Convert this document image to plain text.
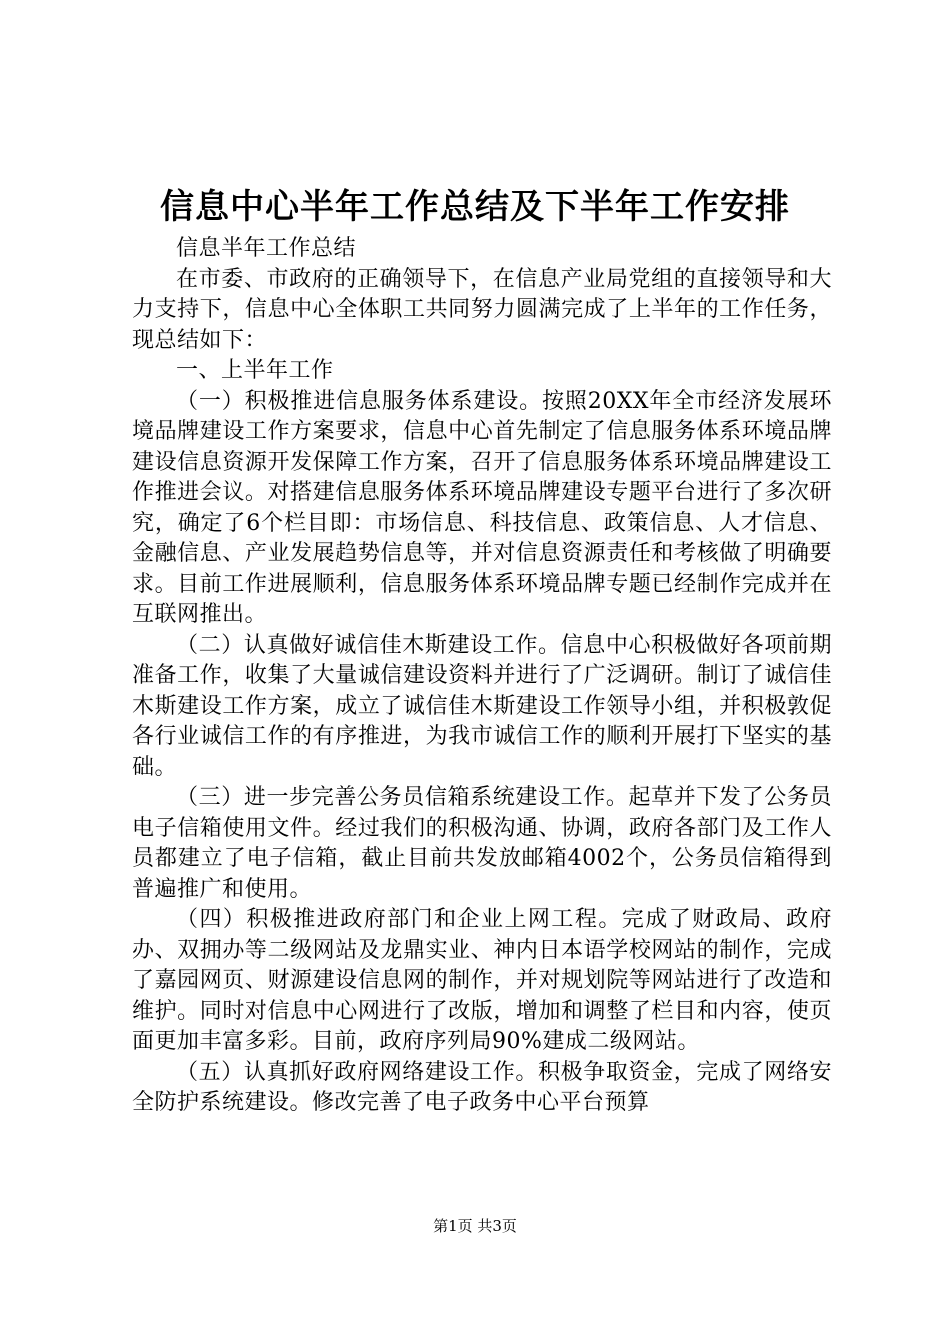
信息中心半年工作总结及下半年工作安排

信息半年工作总结

在市委、市政府的正确领导下，在信息产业局党组的直接领导和大力支持下，信息中心全体职工共同努力圆满完成了上半年的工作任务，现总结如下：

一、上半年工作

（一）积极推进信息服务体系建设。按照20XX年全市经济发展环境品牌建设工作方案要求，信息中心首先制定了信息服务体系环境品牌建设信息资源开发保障工作方案，召开了信息服务体系环境品牌建设工作推进会议。对搭建信息服务体系环境品牌建设专题平台进行了多次研究，确定了6个栏目即：市场信息、科技信息、政策信息、人才信息、金融信息、产业发展趋势信息等，并对信息资源责任和考核做了明确要求。目前工作进展顺利，信息服务体系环境品牌专题已经制作完成并在互联网推出。

（二）认真做好诚信佳木斯建设工作。信息中心积极做好各项前期准备工作，收集了大量诚信建设资料并进行了广泛调研。制订了诚信佳木斯建设工作方案，成立了诚信佳木斯建设工作领导小组，并积极敦促各行业诚信工作的有序推进，为我市诚信工作的顺利开展打下坚实的基础。

（三）进一步完善公务员信箱系统建设工作。起草并下发了公务员电子信箱使用文件。经过我们的积极沟通、协调，政府各部门及工作人员都建立了电子信箱，截止目前共发放邮箱4002个，公务员信箱得到普遍推广和使用。

（四）积极推进政府部门和企业上网工程。完成了财政局、政府办、双拥办等二级网站及龙鼎实业、神内日本语学校网站的制作，完成了嘉园网页、财源建设信息网的制作，并对规划院等网站进行了改造和维护。同时对信息中心网进行了改版，增加和调整了栏目和内容，使页面更加丰富多彩。目前，政府序列局90%建成二级网站。

（五）认真抓好政府网络建设工作。积极争取资金，完成了网络安全防护系统建设。修改完善了电子政务中心平台预算

第1页 共3页
